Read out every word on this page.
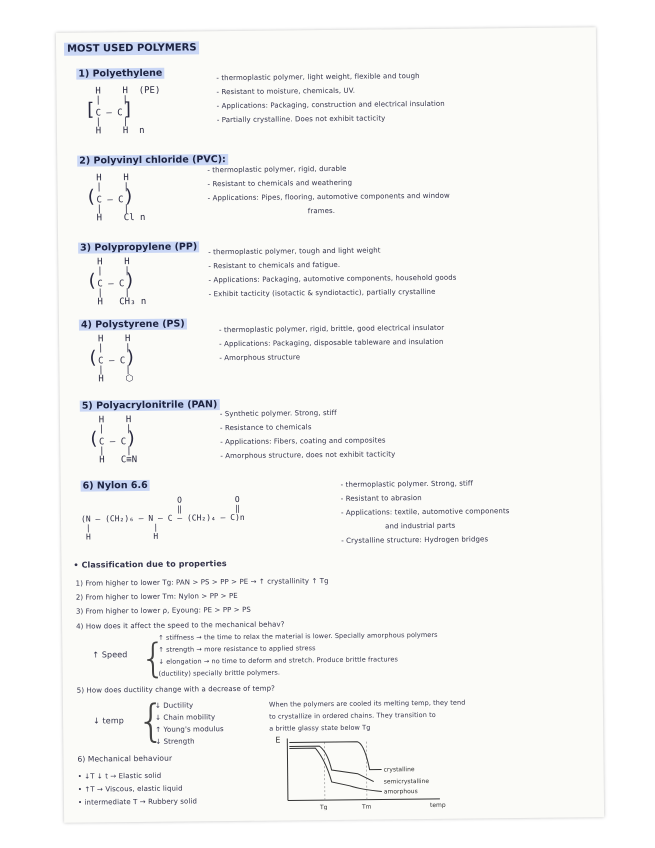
MOST USED POLYMERS
1) Polyethylene
H    H  (PE)
|    |
[C – C]
|    |
H    H  n
- thermoplastic polymer, light weight, flexible and tough
- Resistant to moisture, chemicals, UV.
- Applications: Packaging, construction and electrical insulation
- Partially crystalline. Does not exhibit tacticity
2) Polyvinyl chloride (PVC):
H    H
|    |
(C – C)
|    |
H    Cl n
- thermoplastic polymer, rigid, durable
- Resistant to chemicals and weathering
- Applications: Pipes, flooring, automotive components and window
frames.
3) Polypropylene (PP)
H    H
|    |
(C – C)
|    |
H   CH₃ n
- thermoplastic polymer, tough and light weight
- Resistant to chemicals and fatigue.
- Applications: Packaging, automotive components, household goods
- Exhibit tacticity (isotactic & syndiotactic), partially crystalline
4) Polystyrene (PS)
H    H
|    |
(C – C)
|    |
H    ⬡
- thermoplastic polymer, rigid, brittle, good electrical insulator
- Applications: Packaging, disposable tableware and insulation
- Amorphous structure
5) Polyacrylonitrile (PAN)
H    H
|    |
(C – C)
|    |
H   C≡N
- Synthetic polymer. Strong, stiff
- Resistance to chemicals
- Applications: Fibers, coating and composites
- Amorphous structure, does not exhibit tacticity
6) Nylon 6.6
O           O
‖           ‖
(N – (CH₂)₆ – N – C – (CH₂)₄ – C)n
|             |
H             H
- thermoplastic polymer. Strong, stiff
- Resistant to abrasion
- Applications: textile, automotive components
and industrial parts
- Crystalline structure: Hydrogen bridges
• Classification due to properties
1) From higher to lower Tg: PAN > PS > PP > PE → ↑ crystallinity ↑ Tg
2) From higher to lower Tm: Nylon > PP > PE
3) From higher to lower ρ, Eyoung: PE > PP > PS
4) How does it affect the speed to the mechanical behav?
↑ Speed {
↑ stiffness → the time to relax the material is lower. Specially amorphous polymers
↑ strength → more resistance to applied stress
↓ elongation → no time to deform and stretch. Produce brittle fractures
(ductility) specially brittle polymers.
5) How does ductility change with a decrease of temp?
↓ temp {
↓ Ductility
↓ Chain mobility
↑ Young's modulus
↓ Strength
When the polymers are cooled its melting temp, they tend
to crystallize in ordered chains. They transition to
a brittle glassy state below Tg
6) Mechanical behaviour
• ↓T ↓ t → Elastic solid
• ↑T → Viscous, elastic liquid
• intermediate T → Rubbery solid
E
temp
Tg	Tm
crystalline
semicrystalline
amorphous
